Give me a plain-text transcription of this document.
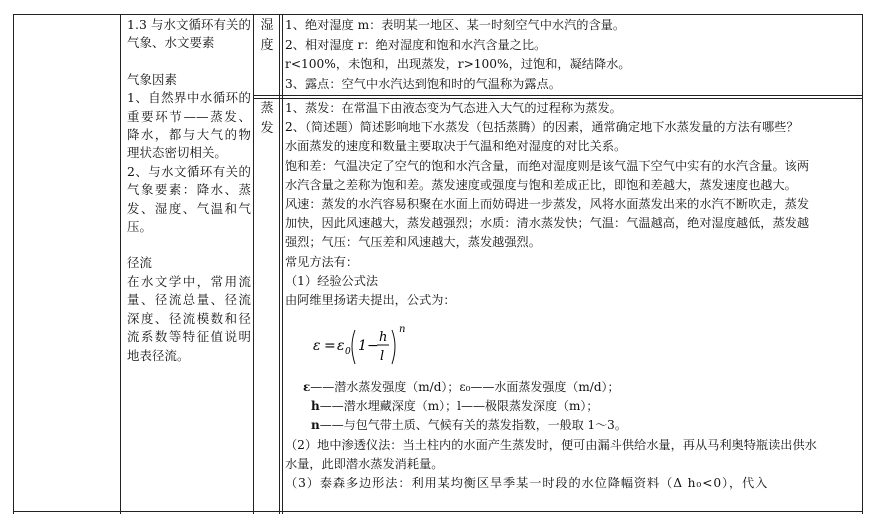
1.3 与水文循环有关的气象、水文要素

气象因素

1、自然界中水循环的重要环节——蒸发、降水，都与大气的物理状态密切相关。

2、与水文循环有关的气象要素：降水、蒸发、湿度、气温和气压。

径流

在水文学中，常用流量、径流总量、径流深度、径流模数和径流系数等特征值说明地表径流。

湿
度
蒸
发

1、绝对湿度 m：表明某一地区、某一时刻空气中水汽的含量。

2、相对湿度 r：绝对湿度和饱和水汽含量之比。

r<100%，未饱和，出现蒸发，r>100%，过饱和，凝结降水。

3、露点：空气中水汽达到饱和时的气温称为露点。

1、蒸发：在常温下由液态变为气态进入大气的过程称为蒸发。

2、（简述题）简述影响地下水蒸发（包括蒸腾）的因素，通常确定地下水蒸发量的方法有哪些？

水面蒸发的速度和数量主要取决于气温和绝对湿度的对比关系。

饱和差：气温决定了空气的饱和水汽含量，而绝对湿度则是该气温下空气中实有的水汽含量。该两

水汽含量之差称为饱和差。蒸发速度或强度与饱和差成正比，即饱和差越大，蒸发速度也越大。

风速：蒸发的水汽容易积聚在水面上而妨碍进一步蒸发，风将水面蒸发出来的水汽不断吹走，蒸发

加快，因此风速越大，蒸发越强烈；水质：清水蒸发快；气温：气温越高，绝对湿度越低，蒸发越

强烈；气压：气压差和风速越大，蒸发越强烈。

常见方法有：

（1）经验公式法

由阿维里扬诺夫提出，公式为：

ε = ε 0 1 −
h
l
n

ε——潜水蒸发强度（m/d）；ε₀——水面蒸发强度（m/d）；

h——潜水埋藏深度（m）；l——极限蒸发深度（m）；

n——与包气带土质、气候有关的蒸发指数，一般取 1～3。

（2）地中渗透仪法：当土柱内的水面产生蒸发时，便可由漏斗供给水量，再从马利奥特瓶读出供水

水量，此即潜水蒸发消耗量。

（3）泰森多边形法：利用某均衡区旱季某一时段的水位降幅资料（Δ h₀<0），代入
